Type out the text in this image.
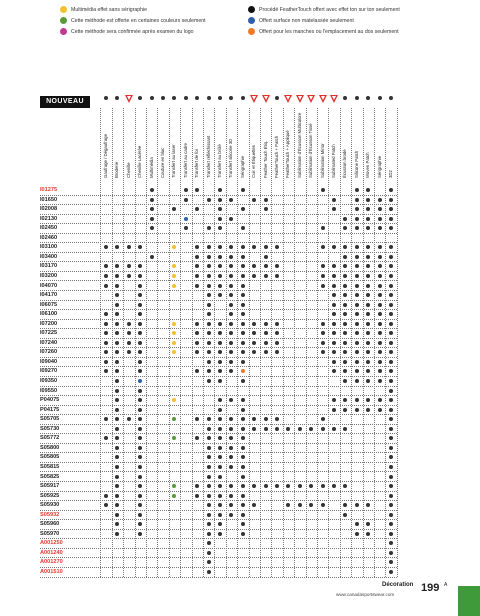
Multimédia effet sans sérigraphie
Cette méthode est offerte en certaines couleurs seulement
Cette méthode sera confirmée après examen du logo
Procédé FeatherTouch offert avec effet ton sur ton seulement
Offert surface non matelassée seulement
Offert pour les manches ou l'emplacement au dos seulement
NOUVEAU
Gaufrage / Dégaufrage Broderie Chenille Chenille Lacérée Multimédia Couture en bloc Transfert au laser Transfert au cadre Transfert de foi Transfert réfléchissant Transfert au brûlé Transfert silicone 3D Sérigraphie Cuir et Étiquettes Feather Touch Étiq. FeatherTouch + Patch FeatherTouch + Appliqué Sublimation d'Écusson Multicolore Sublimation d'Écusson Tissé Sublimation Mirror Sublimated Patch Écusson brodé Silicone Patch Woven Patch Sérigraphie 3D2
I01275
I01650
I02008
I02130
I02450
I02460
I03100
I03400
I03170
I03200
I04070
I04170
I06075
I06100
I07200
I07225
I07240
I07260
I09040
I09270
I09350
I09550
P04075
P04175
S05705
S05730
S05772
S05800
S05805
S05815
S05825
S05917
S05925
S05930
S05932
S05960
S05970
A001250
A001240
A001270
A001510
Décoration
www.canadasportswear.com
199 A
